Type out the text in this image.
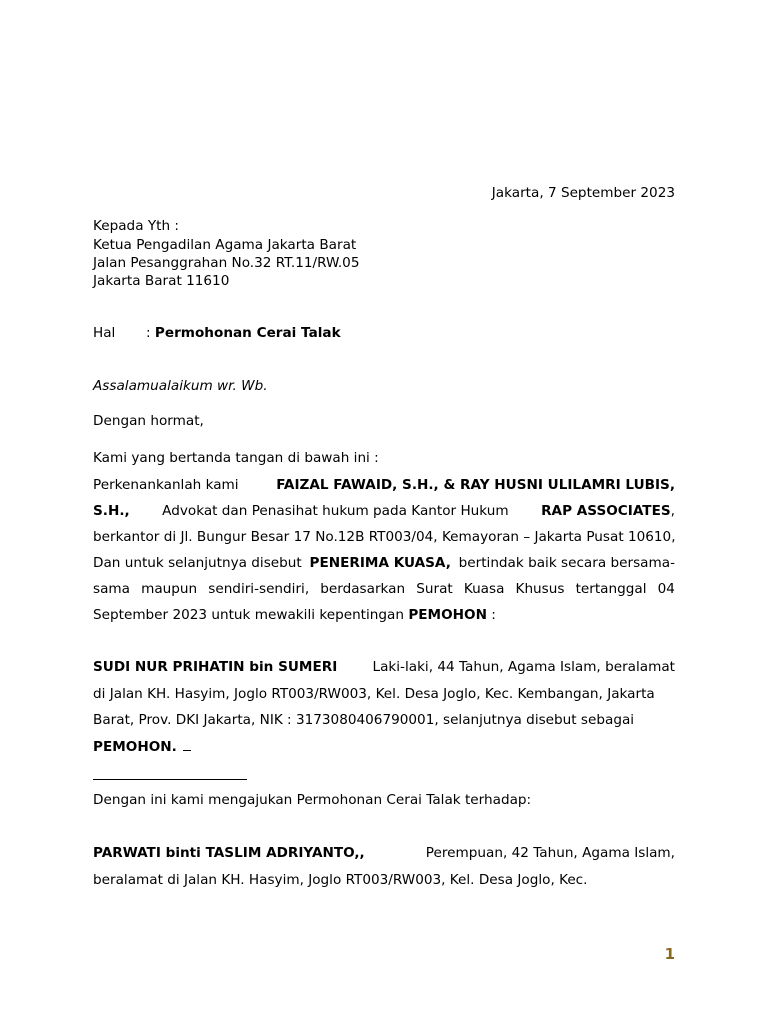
Jakarta, 7 September 2023
Kepada Yth :
Ketua Pengadilan Agama Jakarta Barat
Jalan Pesanggrahan No.32 RT.11/RW.05
Jakarta Barat 11610
Hal : Permohonan Cerai Talak
Assalamualaikum wr. Wb.
Dengan hormat,
Kami yang bertanda tangan di bawah ini :
Perkenankanlah kami	FAIZAL FAWAID, S.H., & RAY HUSNI ULILAMRI LUBIS,
S.H., Advokat dan Penasihat hukum pada Kantor Hukum RAP ASSOCIATES,
berkantor di Jl. Bungur Besar 17 No.12B RT003/04, Kemayoran – Jakarta Pusat 10610,
Dan untuk selanjutnya disebut PENERIMA KUASA, bertindak baik secara bersama-
sama maupun sendiri-sendiri, berdasarkan Surat Kuasa Khusus tertanggal 04
September 2023 untuk mewakili kepentingan PEMOHON :
SUDI NUR PRIHATIN bin SUMERI	Laki-laki, 44 Tahun, Agama Islam, beralamat
di Jalan KH. Hasyim, Joglo RT003/RW003, Kel. Desa Joglo, Kec. Kembangan, Jakarta
Barat, Prov. DKI Jakarta, NIK : 3173080406790001, selanjutnya disebut sebagai
PEMOHON.
Dengan ini kami mengajukan Permohonan Cerai Talak terhadap:
PARWATI binti TASLIM ADRIYANTO,,	Perempuan, 42 Tahun, Agama Islam,
beralamat di Jalan KH. Hasyim, Joglo RT003/RW003, Kel. Desa Joglo, Kec.
1
